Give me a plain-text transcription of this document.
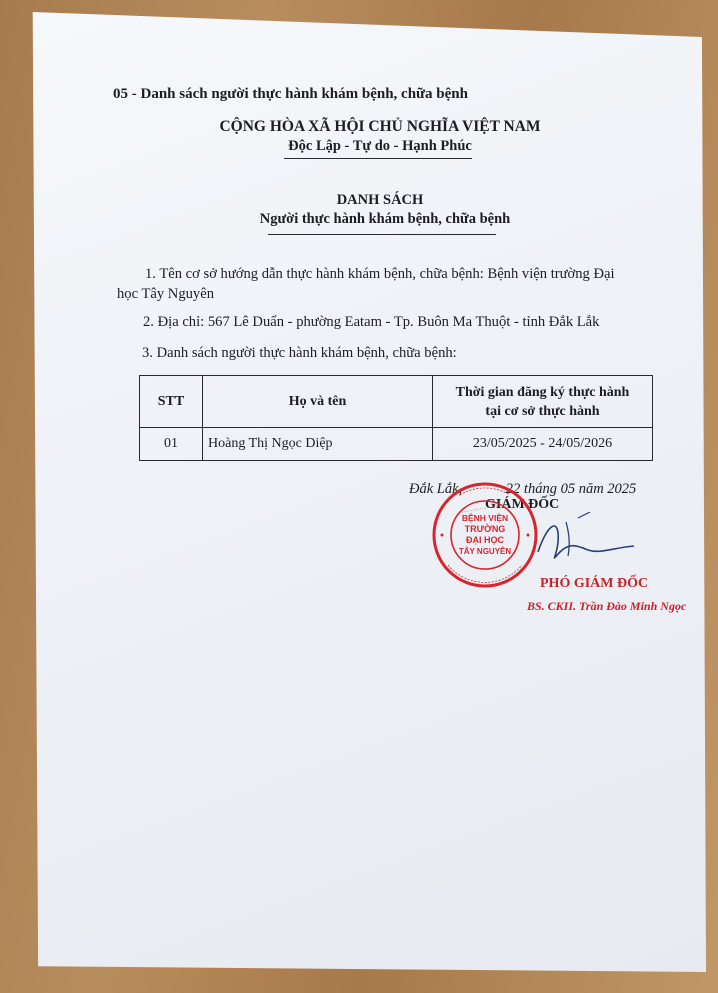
05 - Danh sách người thực hành khám bệnh, chữa bệnh
CỘNG HÒA XÃ HỘI CHỦ NGHĨA VIỆT NAM
Độc Lập - Tự do - Hạnh Phúc
DANH SÁCH
Người thực hành khám bệnh, chữa bệnh
1. Tên cơ sở hướng dẫn thực hành khám bệnh, chữa bệnh: Bệnh viện trường Đại
học Tây Nguyên
2. Địa chỉ: 567 Lê Duẩn - phường Eatam - Tp. Buôn Ma Thuột - tỉnh Đắk Lắk
3. Danh sách người thực hành khám bệnh, chữa bệnh:
STT	Họ và tên	Thời gian đăng ký thực hành
tại cơ sở thực hành

01	Hoàng Thị Ngọc Diệp	23/05/2025 - 24/05/2026
Đắk Lắk,	22 tháng 05 năm 2025
GIÁM ĐỐC
·····················
BỆNH VIỆN
TRƯỜNG
ĐẠI HỌC
TÂY NGUYÊN
PHÓ GIÁM ĐỐC
BS. CKII. Trần Đào Minh Ngọc
